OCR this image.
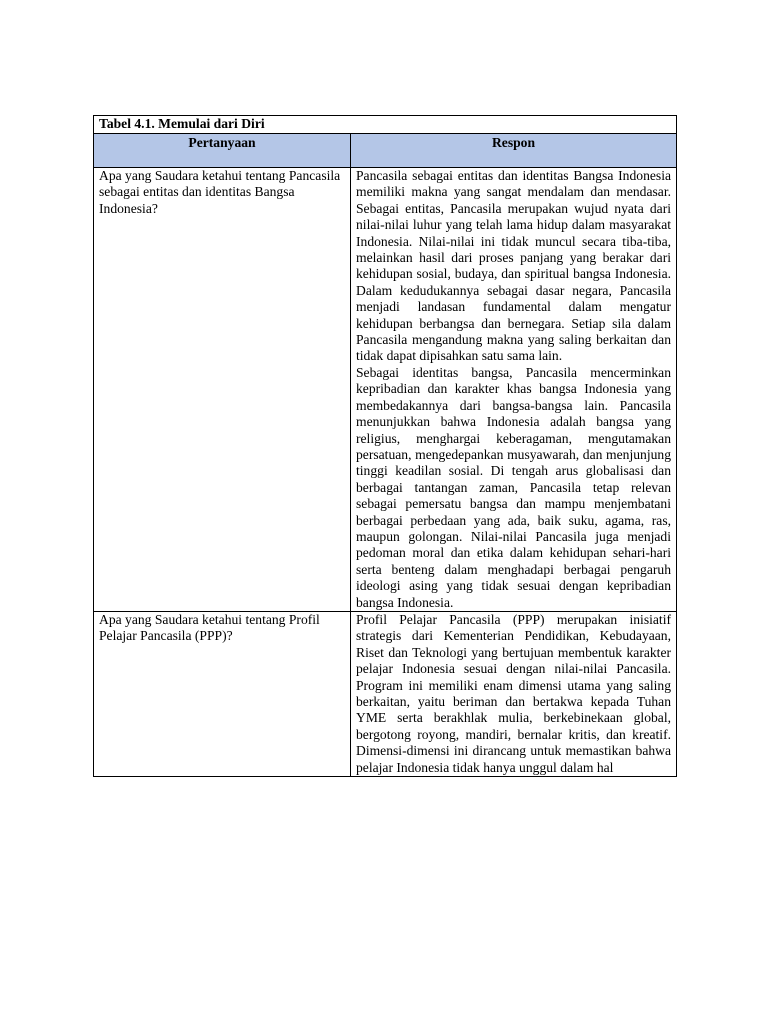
Tabel 4.1. Memulai dari Diri	
Pertanyaan	Respon
Apa yang Saudara ketahui tentang Pancasila sebagai entitas dan identitas Bangsa Indonesia?	Pancasila sebagai entitas dan identitas Bangsa Indonesia memiliki makna yang sangat mendalam dan mendasar. Sebagai entitas, Pancasila merupakan wujud nyata dari nilai-nilai luhur yang telah lama hidup dalam masyarakat Indonesia. Nilai-nilai ini tidak muncul secara tiba-tiba, melainkan hasil dari proses panjang yang berakar dari kehidupan sosial, budaya, dan spiritual bangsa Indonesia. Dalam kedudukannya sebagai dasar negara, Pancasila menjadi landasan fundamental dalam mengatur kehidupan berbangsa dan bernegara. Setiap sila dalam Pancasila mengandung makna yang saling berkaitan dan tidak dapat dipisahkan satu sama lain.

Sebagai identitas bangsa, Pancasila mencerminkan kepribadian dan karakter khas bangsa Indonesia yang membedakannya dari bangsa-bangsa lain. Pancasila menunjukkan bahwa Indonesia adalah bangsa yang religius, menghargai keberagaman, mengutamakan persatuan, mengedepankan musyawarah, dan menjunjung tinggi keadilan sosial. Di tengah arus globalisasi dan berbagai tantangan zaman, Pancasila tetap relevan sebagai pemersatu bangsa dan mampu menjembatani berbagai perbedaan yang ada, baik suku, agama, ras, maupun golongan. Nilai-nilai Pancasila juga menjadi pedoman moral dan etika dalam kehidupan sehari-hari serta benteng dalam menghadapi berbagai pengaruh ideologi asing yang tidak sesuai dengan kepribadian bangsa Indonesia.

Apa yang Saudara ketahui tentang Profil Pelajar Pancasila (PPP)?	Profil Pelajar Pancasila (PPP) merupakan inisiatif strategis dari Kementerian Pendidikan, Kebudayaan, Riset dan Teknologi yang bertujuan membentuk karakter pelajar Indonesia sesuai dengan nilai-nilai Pancasila. Program ini memiliki enam dimensi utama yang saling berkaitan, yaitu beriman dan bertakwa kepada Tuhan YME serta berakhlak mulia, berkebinekaan global, bergotong royong, mandiri, bernalar kritis, dan kreatif. Dimensi-dimensi ini dirancang untuk memastikan bahwa pelajar Indonesia tidak hanya unggul dalam hal
